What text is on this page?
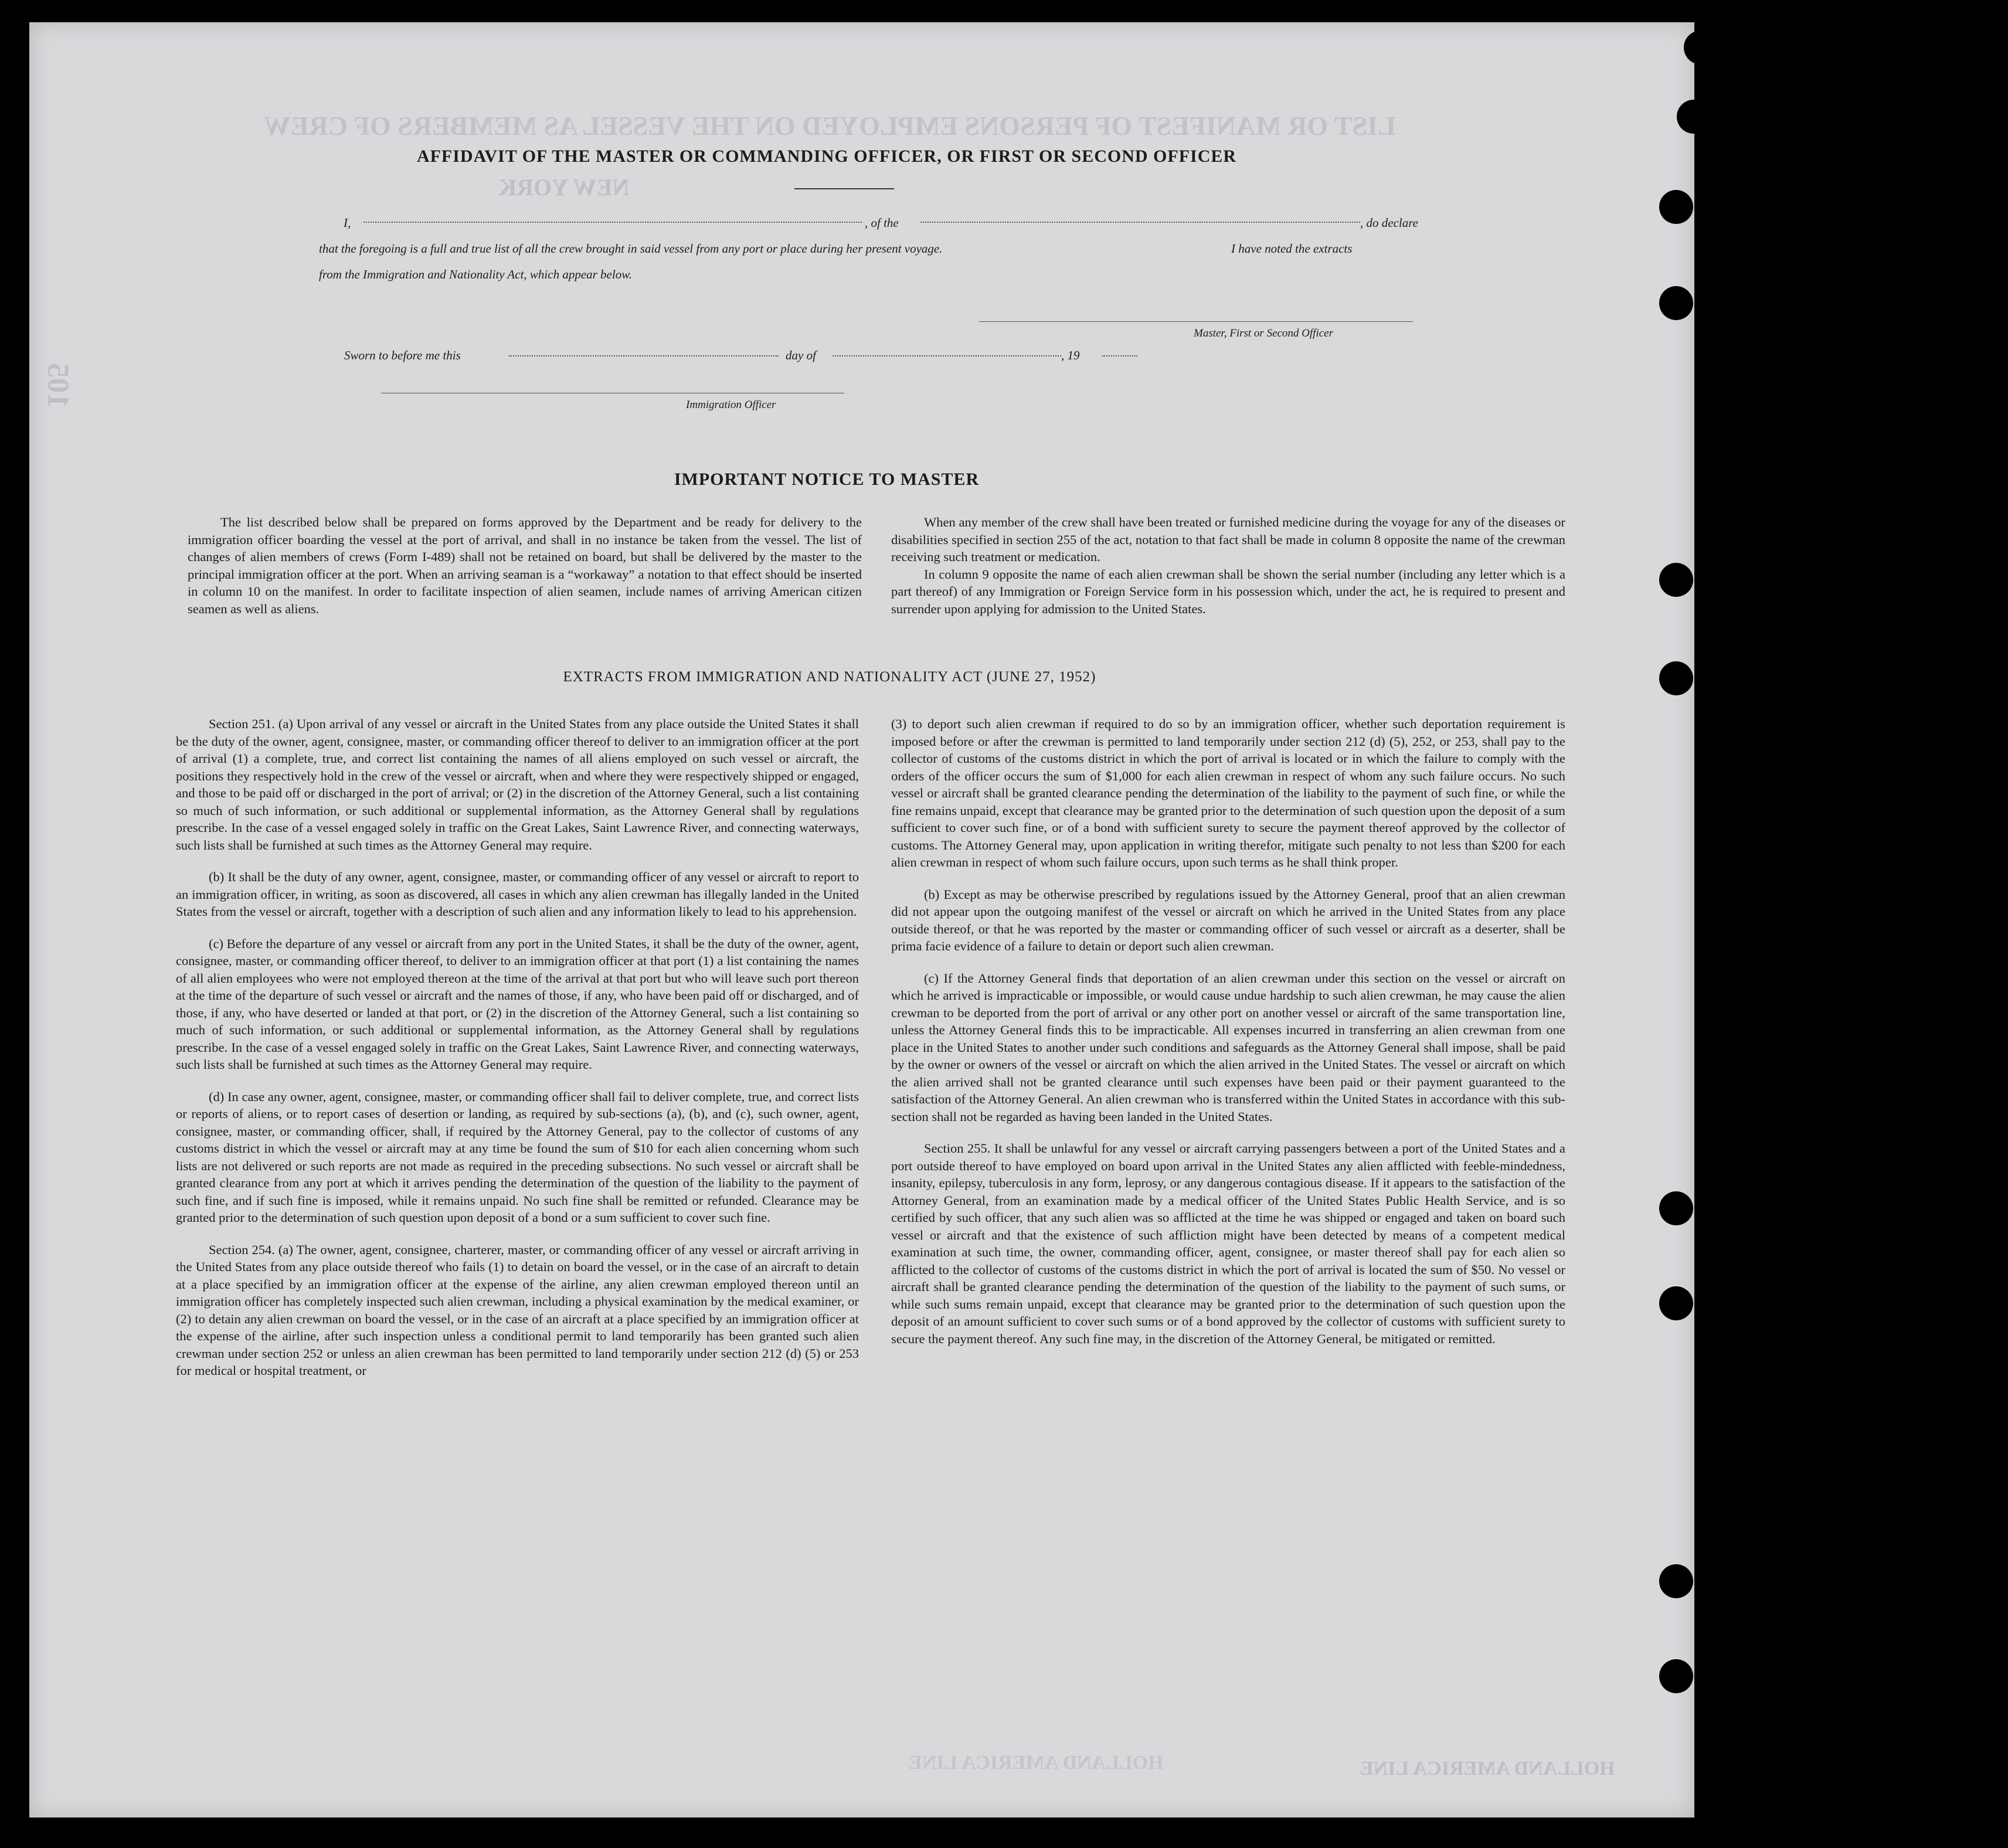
LIST OR MANIFEST OF PERSONS EMPLOYED ON THE VESSEL AS MEMBERS OF CREW
NEW YORK
105
HOLLAND AMERICA LINE
HOLLAND AMERICA LINE
AFFIDAVIT OF THE MASTER OR COMMANDING OFFICER, OR FIRST OR SECOND OFFICER
I,	, of the	, do declare
that the foregoing is a full and true list of all the crew brought in said vessel from any port or place during her present voyage.	I have noted the extracts
from the Immigration and Nationality Act, which appear below.
Master, First or Second Officer
Sworn to before me this	day of	, 19
Immigration Officer
IMPORTANT NOTICE TO MASTER

The list described below shall be prepared on forms approved by the Department and be ready for delivery to the immigration officer boarding the vessel at the port of arrival, and shall in no instance be taken from the vessel. The list of changes of alien members of crews (Form I-489) shall not be retained on board, but shall be delivered by the master to the principal immigration officer at the port. When an arriving seaman is a “workaway” a notation to that effect should be inserted in column 10 on the manifest. In order to facilitate inspection of alien seamen, include names of arriving American citizen seamen as well as aliens.

When any member of the crew shall have been treated or furnished medicine during the voyage for any of the diseases or disabilities specified in section 255 of the act, notation to that fact shall be made in column 8 opposite the name of the crewman receiving such treatment or medication.

In column 9 opposite the name of each alien crewman shall be shown the serial number (including any letter which is a part thereof) of any Immigration or Foreign Service form in his possession which, under the act, he is required to present and surrender upon applying for admission to the United States.

EXTRACTS FROM IMMIGRATION AND NATIONALITY ACT (JUNE 27, 1952)

Section 251. (a) Upon arrival of any vessel or aircraft in the United States from any place outside the United States it shall be the duty of the owner, agent, consignee, master, or commanding officer thereof to deliver to an immigration officer at the port of arrival (1) a complete, true, and correct list containing the names of all aliens employed on such vessel or aircraft, the positions they respectively hold in the crew of the vessel or aircraft, when and where they were respectively shipped or engaged, and those to be paid off or discharged in the port of arrival; or (2) in the discretion of the Attorney General, such a list containing so much of such information, or such additional or supplemental information, as the Attorney General shall by regulations prescribe. In the case of a vessel engaged solely in traffic on the Great Lakes, Saint Lawrence River, and connecting waterways, such lists shall be furnished at such times as the Attorney General may require.

(b) It shall be the duty of any owner, agent, consignee, master, or commanding officer of any vessel or aircraft to report to an immigration officer, in writing, as soon as discovered, all cases in which any alien crewman has illegally landed in the United States from the vessel or aircraft, together with a description of such alien and any information likely to lead to his apprehension.

(c) Before the departure of any vessel or aircraft from any port in the United States, it shall be the duty of the owner, agent, consignee, master, or commanding officer thereof, to deliver to an immigration officer at that port (1) a list containing the names of all alien employees who were not employed thereon at the time of the arrival at that port but who will leave such port thereon at the time of the departure of such vessel or aircraft and the names of those, if any, who have been paid off or discharged, and of those, if any, who have deserted or landed at that port, or (2) in the discretion of the Attorney General, such a list containing so much of such information, or such additional or supplemental information, as the Attorney General shall by regulations prescribe. In the case of a vessel engaged solely in traffic on the Great Lakes, Saint Lawrence River, and connecting waterways, such lists shall be furnished at such times as the Attorney General may require.

(d) In case any owner, agent, consignee, master, or commanding officer shall fail to deliver complete, true, and correct lists or reports of aliens, or to report cases of desertion or landing, as required by sub-sections (a), (b), and (c), such owner, agent, consignee, master, or commanding officer, shall, if required by the Attorney General, pay to the collector of customs of any customs district in which the vessel or aircraft may at any time be found the sum of $10 for each alien concerning whom such lists are not delivered or such reports are not made as required in the preceding subsections. No such vessel or aircraft shall be granted clearance from any port at which it arrives pending the determination of the question of the liability to the payment of such fine, and if such fine is imposed, while it remains unpaid. No such fine shall be remitted or refunded. Clearance may be granted prior to the determination of such question upon deposit of a bond or a sum sufficient to cover such fine.

Section 254. (a) The owner, agent, consignee, charterer, master, or commanding officer of any vessel or aircraft arriving in the United States from any place outside thereof who fails (1) to detain on board the vessel, or in the case of an aircraft to detain at a place specified by an immigration officer at the expense of the airline, any alien crewman employed thereon until an immigration officer has completely inspected such alien crewman, including a physical examination by the medical examiner, or (2) to detain any alien crewman on board the vessel, or in the case of an aircraft at a place specified by an immigration officer at the expense of the airline, after such inspection unless a conditional permit to land temporarily has been granted such alien crewman under section 252 or unless an alien crewman has been permitted to land temporarily under section 212 (d) (5) or 253 for medical or hospital treatment, or

(3) to deport such alien crewman if required to do so by an immigration officer, whether such deportation requirement is imposed before or after the crewman is permitted to land temporarily under section 212 (d) (5), 252, or 253, shall pay to the collector of customs of the customs district in which the port of arrival is located or in which the failure to comply with the orders of the officer occurs the sum of $1,000 for each alien crewman in respect of whom any such failure occurs. No such vessel or aircraft shall be granted clearance pending the determination of the liability to the payment of such fine, or while the fine remains unpaid, except that clearance may be granted prior to the determination of such question upon the deposit of a sum sufficient to cover such fine, or of a bond with sufficient surety to secure the payment thereof approved by the collector of customs. The Attorney General may, upon application in writing therefor, mitigate such penalty to not less than $200 for each alien crewman in respect of whom such failure occurs, upon such terms as he shall think proper.

(b) Except as may be otherwise prescribed by regulations issued by the Attorney General, proof that an alien crewman did not appear upon the outgoing manifest of the vessel or aircraft on which he arrived in the United States from any place outside thereof, or that he was reported by the master or commanding officer of such vessel or aircraft as a deserter, shall be prima facie evidence of a failure to detain or deport such alien crewman.

(c) If the Attorney General finds that deportation of an alien crewman under this section on the vessel or aircraft on which he arrived is impracticable or impossible, or would cause undue hardship to such alien crewman, he may cause the alien crewman to be deported from the port of arrival or any other port on another vessel or aircraft of the same transportation line, unless the Attorney General finds this to be impracticable. All expenses incurred in transferring an alien crewman from one place in the United States to another under such conditions and safeguards as the Attorney General shall impose, shall be paid by the owner or owners of the vessel or aircraft on which the alien arrived in the United States. The vessel or aircraft on which the alien arrived shall not be granted clearance until such expenses have been paid or their payment guaranteed to the satisfaction of the Attorney General. An alien crewman who is transferred within the United States in accordance with this sub-section shall not be regarded as having been landed in the United States.

Section 255. It shall be unlawful for any vessel or aircraft carrying passengers between a port of the United States and a port outside thereof to have employed on board upon arrival in the United States any alien afflicted with feeble-mindedness, insanity, epilepsy, tuberculosis in any form, leprosy, or any dangerous contagious disease. If it appears to the satisfaction of the Attorney General, from an examination made by a medical officer of the United States Public Health Service, and is so certified by such officer, that any such alien was so afflicted at the time he was shipped or engaged and taken on board such vessel or aircraft and that the existence of such affliction might have been detected by means of a competent medical examination at such time, the owner, commanding officer, agent, consignee, or master thereof shall pay for each alien so afflicted to the collector of customs of the customs district in which the port of arrival is located the sum of $50. No vessel or aircraft shall be granted clearance pending the determination of the question of the liability to the payment of such sums, or while such sums remain unpaid, except that clearance may be granted prior to the determination of such question upon the deposit of an amount sufficient to cover such sums or of a bond approved by the collector of customs with sufficient surety to secure the payment thereof. Any such fine may, in the discretion of the Attorney General, be mitigated or remitted.
